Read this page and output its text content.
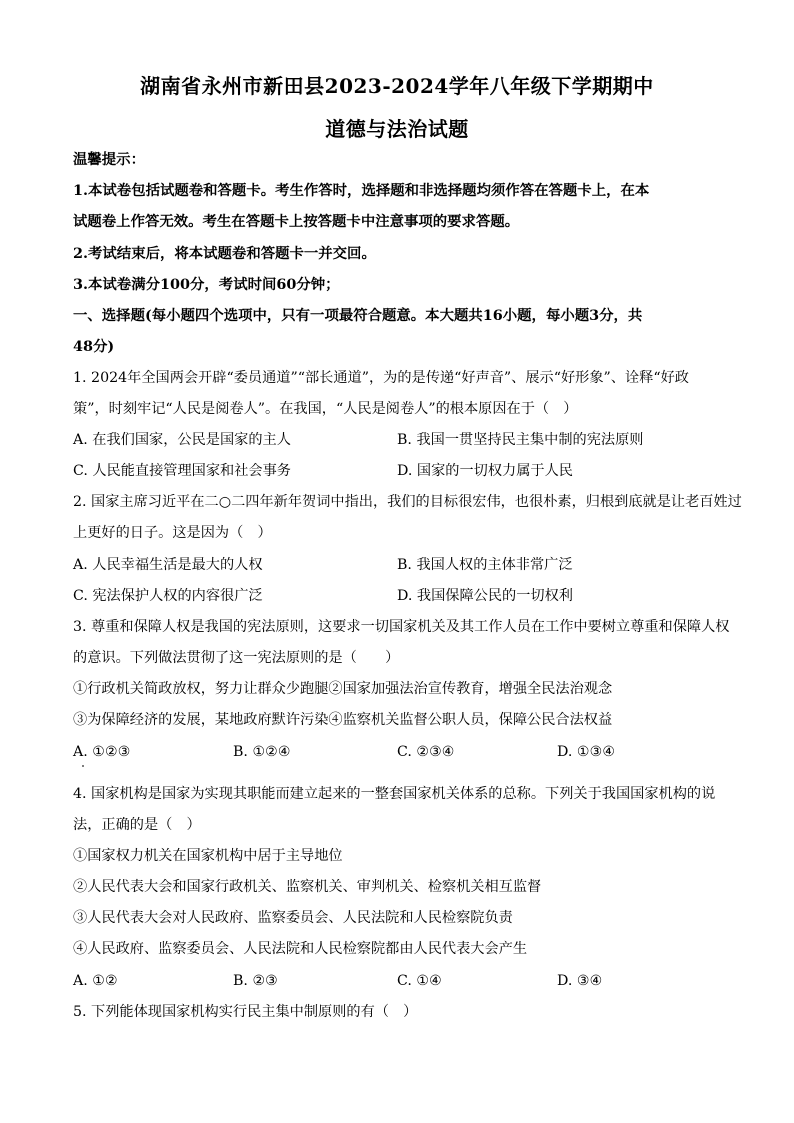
湖南省永州市新田县2023-2024学年八年级下学期期中
道德与法治试题
温馨提示：
1.本试卷包括试题卷和答题卡。考生作答时，选择题和非选择题均须作答在答题卡上，在本
试题卷上作答无效。考生在答题卡上按答题卡中注意事项的要求答题。
2.考试结束后，将本试题卷和答题卡一并交回。
3.本试卷满分100分，考试时间60分钟；
一、选择题(每小题四个选项中，只有一项最符合题意。本大题共16小题，每小题3分，共
48分)
1. 2024年全国两会开辟“委员通道”“部长通道”，为的是传递“好声音”、展示“好形象”、诠释“好政
策”，时刻牢记“人民是阅卷人”。在我国，“人民是阅卷人”的根本原因在于（　）
A. 在我们国家，公民是国家的主人	B. 我国一贯坚持民主集中制的宪法原则
C. 人民能直接管理国家和社会事务	D. 国家的一切权力属于人民
2. 国家主席习近平在二○二四年新年贺词中指出，我们的目标很宏伟，也很朴素，归根到底就是让老百姓过
上更好的日子。这是因为（　）
A. 人民幸福生活是最大的人权	B. 我国人权的主体非常广泛
C. 宪法保护人权的内容很广泛	D. 我国保障公民的一切权利
3. 尊重和保障人权是我国的宪法原则，这要求一切国家机关及其工作人员在工作中要树立尊重和保障人权
的意识。下列做法贯彻了这一宪法原则的是（　　）
①行政机关简政放权，努力让群众少跑腿②国家加强法治宣传教育，增强全民法治观念
③为保障经济的发展，某地政府默许污染④监察机关监督公职人员，保障公民合法权益
A. ①②③	B. ①②④	C. ②③④	D. ①③④
4. 国家机构是国家为实现其职能而建立起来的一整套国家机关体系的总称。下列关于我国国家机构的说
法，正确的是（　）
①国家权力机关在国家机构中居于主导地位
②人民代表大会和国家行政机关、监察机关、审判机关、检察机关相互监督
③人民代表大会对人民政府、监察委员会、人民法院和人民检察院负责
④人民政府、监察委员会、人民法院和人民检察院都由人民代表大会产生
A. ①②	B. ②③	C. ①④	D. ③④
5. 下列能体现国家机构实行民主集中制原则的有（　）
